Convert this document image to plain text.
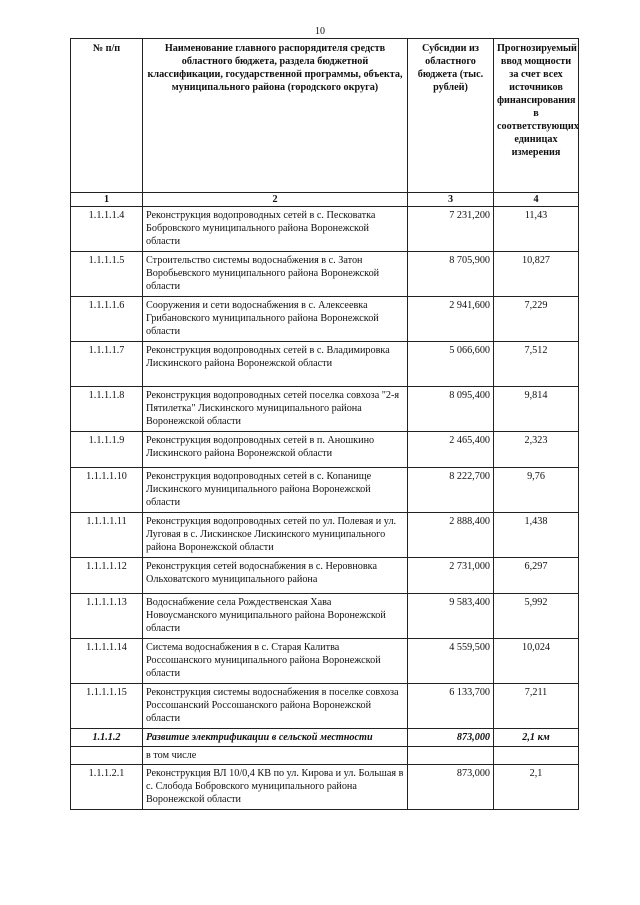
10
№ п/п	Наименование главного распорядителя средств областного бюджета, раздела бюджетной классификации, государственной программы, объекта, муниципального района (городского округа)	Субсидии из областного бюджета (тыс. рублей)	Прогнозируемый ввод мощности за счет всех источников финансирования в соответствующих единицах измерения
1	2	3	4
1.1.1.1.4	Реконструкция водопроводных сетей в с. Песковатка Бобровского муниципального района Воронежской области	7 231,200	11,43
1.1.1.1.5	Строительство системы водоснабжения в с. Затон Воробьевского муниципального района Воронежской области	8 705,900	10,827
1.1.1.1.6	Сооружения и сети водоснабжения в с. Алексеевка Грибановского муниципального района Воронежской области	2 941,600	7,229
1.1.1.1.7	Реконструкция водопроводных сетей в с. Владимировка Лискинского района Воронежской области	5 066,600	7,512
1.1.1.1.8	Реконструкция водопроводных сетей поселка совхоза "2-я Пятилетка" Лискинского муниципального района Воронежской области	8 095,400	9,814
1.1.1.1.9	Реконструкция водопроводных сетей в п. Аношкино Лискинского района Воронежской области	2 465,400	2,323
1.1.1.1.10	Реконструкция водопроводных сетей в с. Копанище Лискинского муниципального района Воронежской области	8 222,700	9,76
1.1.1.1.11	Реконструкция водопроводных сетей по ул. Полевая и ул. Луговая в с. Лискинское Лискинского муниципального района Воронежской области	2 888,400	1,438
1.1.1.1.12	Реконструкция сетей водоснабжения в с. Неровновка Ольховатского муниципального района	2 731,000	6,297
1.1.1.1.13	Водоснабжение села Рождественская Хава Новоусманского муниципального района Воронежской области	9 583,400	5,992
1.1.1.1.14	Система водоснабжения в с. Старая Калитва Россошанского муниципального района Воронежской области	4 559,500	10,024
1.1.1.1.15	Реконструкция системы водоснабжения в поселке совхоза Россошанский Россошанского района Воронежской области	6 133,700	7,211
1.1.1.2	Развитие электрификации в сельской местности	873,000	2,1 км
	в том числе		
1.1.1.2.1	Реконструкция ВЛ 10/0,4 КВ по ул. Кирова и ул. Большая в с. Слобода Бобровского муниципального района Воронежской области	873,000	2,1
